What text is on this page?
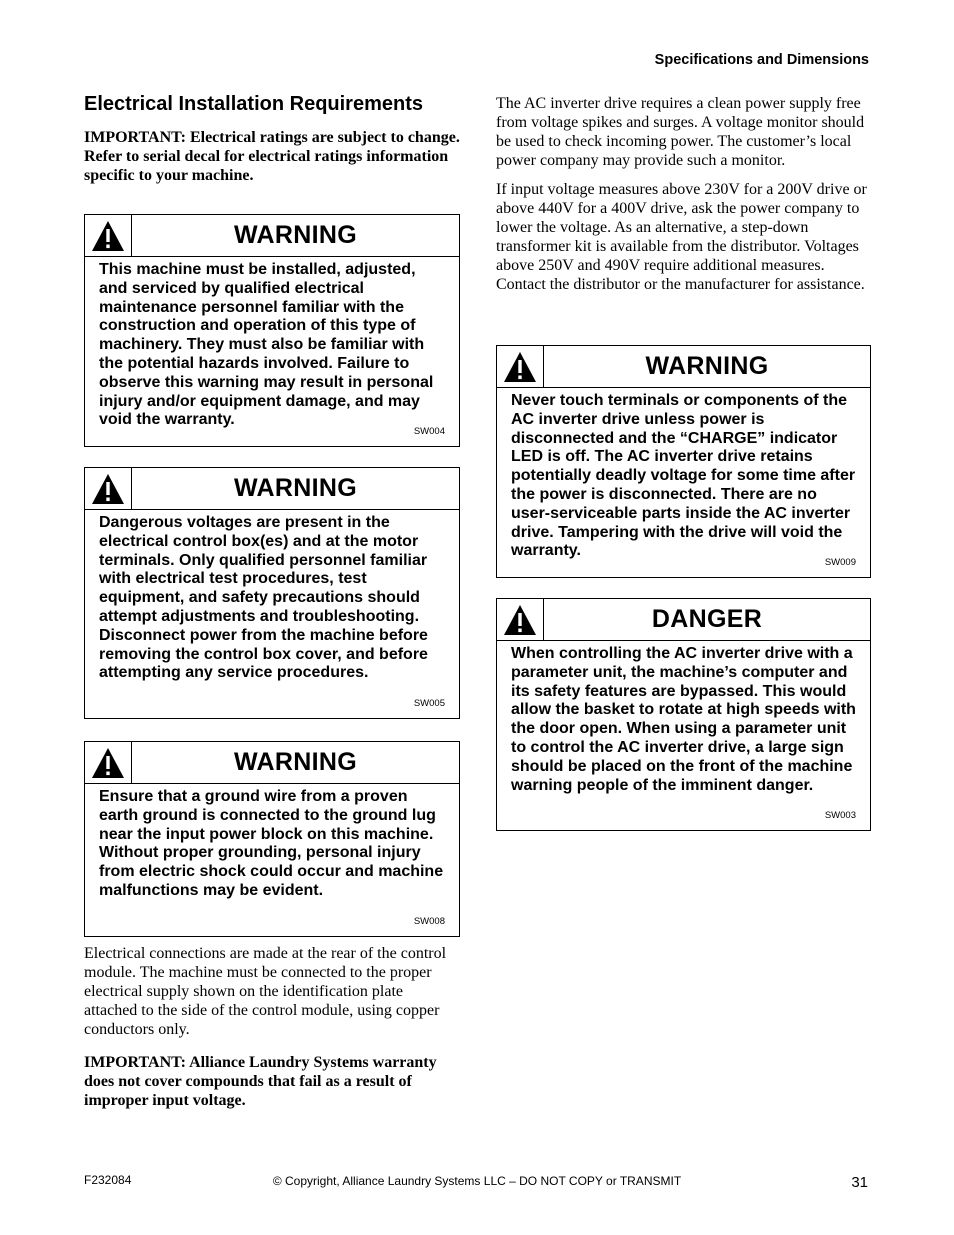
Specifications and Dimensions
Electrical Installation Requirements
IMPORTANT: Electrical ratings are subject to change. Refer to serial decal for electrical ratings information specific to your machine.
WARNING
This machine must be installed, adjusted, and serviced by qualified electrical maintenance personnel familiar with the construction and operation of this type of machinery. They must also be familiar with the potential hazards involved. Failure to observe this warning may result in personal injury and/or equipment damage, and may void the warranty.
SW004
WARNING
Dangerous voltages are present in the electrical control box(es) and at the motor terminals. Only qualified personnel familiar with electrical test procedures, test equipment, and safety precautions should attempt adjustments and troubleshooting. Disconnect power from the machine before removing the control box cover, and before attempting any service procedures.
SW005
WARNING
Ensure that a ground wire from a proven earth ground is connected to the ground lug near the input power block on this machine. Without proper grounding, personal injury from electric shock could occur and machine malfunctions may be evident.
SW008
Electrical connections are made at the rear of the control module. The machine must be connected to the proper electrical supply shown on the identification plate attached to the side of the control module, using copper conductors only.
IMPORTANT: Alliance Laundry Systems warranty does not cover compounds that fail as a result of improper input voltage.
The AC inverter drive requires a clean power supply free from voltage spikes and surges. A voltage monitor should be used to check incoming power. The customer’s local power company may provide such a monitor.
If input voltage measures above 230V for a 200V drive or above 440V for a 400V drive, ask the power company to lower the voltage. As an alternative, a step-down transformer kit is available from the distributor. Voltages above 250V and 490V require additional measures. Contact the distributor or the manufacturer for assistance.
WARNING
Never touch terminals or components of the AC inverter drive unless power is disconnected and the “CHARGE” indicator LED is off. The AC inverter drive retains potentially deadly voltage for some time after the power is disconnected. There are no user-serviceable parts inside the AC inverter drive. Tampering with the drive will void the warranty.
SW009
DANGER
When controlling the AC inverter drive with a parameter unit, the machine’s computer and its safety features are bypassed. This would allow the basket to rotate at high speeds with the door open. When using a parameter unit to control the AC inverter drive, a large sign should be placed on the front of the machine warning people of the imminent danger.
SW003
F232084	© Copyright, Alliance Laundry Systems LLC – DO NOT COPY or TRANSMIT	31
